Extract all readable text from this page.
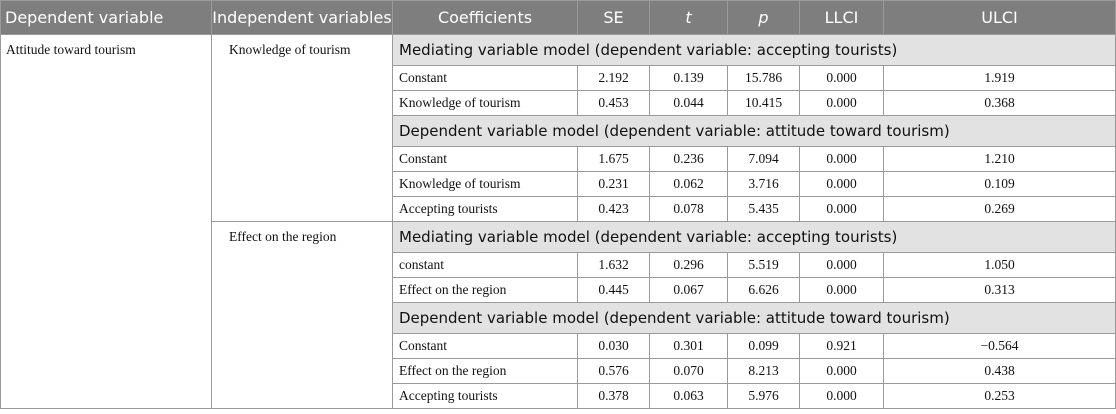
Dependent variable	Independent variables	Coefficients	SE	t	p	LLCI	ULCI	
Attitude toward tourism	Knowledge of tourism	Mediating variable model (dependent variable: accepting tourists)						
		Constant	2.192	0.139	15.786	0.000	1.919	
		Knowledge of tourism	0.453	0.044	10.415	0.000	0.368	
		Dependent variable model (dependent variable: attitude toward tourism)						
		Constant	1.675	0.236	7.094	0.000	1.210	
		Knowledge of tourism	0.231	0.062	3.716	0.000	0.109	
		Accepting tourists	0.423	0.078	5.435	0.000	0.269	
	Effect on the region	Mediating variable model (dependent variable: accepting tourists)						
		constant	1.632	0.296	5.519	0.000	1.050	
		Effect on the region	0.445	0.067	6.626	0.000	0.313	
		Dependent variable model (dependent variable: attitude toward tourism)						
		Constant	0.030	0.301	0.099	0.921	−0.564	
		Effect on the region	0.576	0.070	8.213	0.000	0.438	
		Accepting tourists	0.378	0.063	5.976	0.000	0.253	
